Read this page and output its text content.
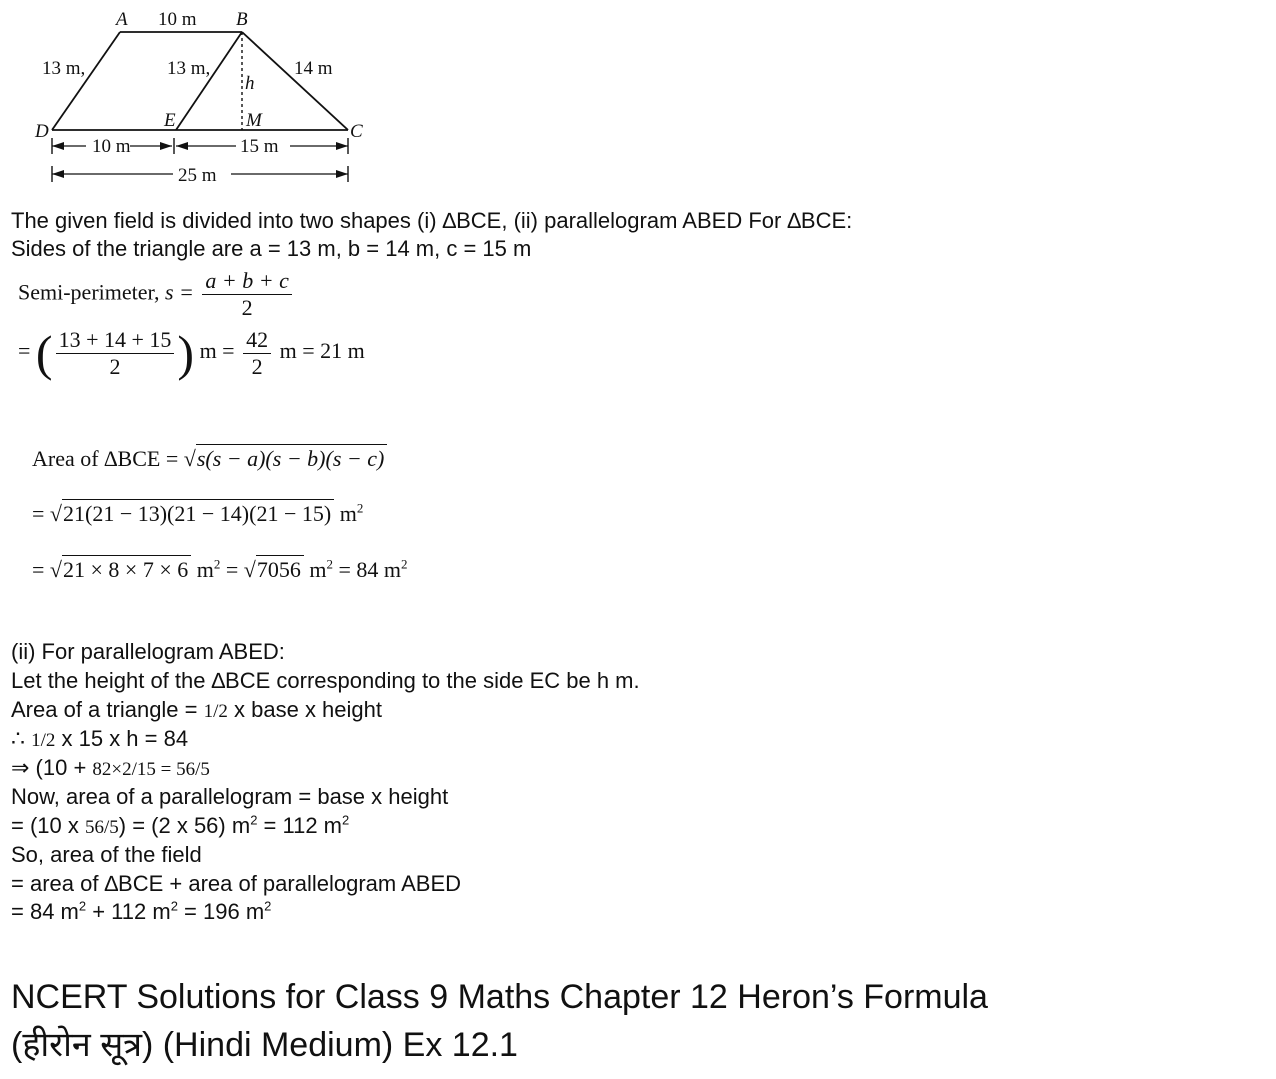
A 10 m B
13 m,	13 m,
h
14 m
D
E	M
C
10 m	15 m
25 m
The given field is divided into two shapes (i) ∆BCE, (ii) parallelogram ABED For ∆BCE:
Sides of the triangle are a = 13 m, b = 14 m, c = 15 m
Semi-perimeter, $s = \frac{a + b + c}{2}$
= ( $\frac{13 + 14 + 15}{2}$ ) $m = \frac{42}{2}$ m = 21 m
Area of ∆BCE = √s(s − a)(s − b)(s − c)
= √21(21 − 13)(21 − 14)(21 − 15) $m^2$
= √21 × 8 × 7 × 6 $m^2 = √7056$ $m^2 = 84$ $m^2$
(ii) For parallelogram ABED:
Let the height of the ∆BCE corresponding to the side EC be h m.
Area of a triangle = 1/2 x base x height
∴ 1/2 x 15 x h = 84
⇒ (10 + 82×2/15 = 56/5
Now, area of a parallelogram = base x height
= (10 x 56/5) = (2 x 56) $m^2 = 112$ $m^2$
So, area of the field
= area of ∆BCE + area of parallelogram ABED
= 84 $m^2 + 112$ $m^2 = 196$ $m^2$
NCERT Solutions for Class 9 Maths Chapter 12 Heron’s Formula
(हीरोन सूत्र) (Hindi Medium) Ex 12.1
